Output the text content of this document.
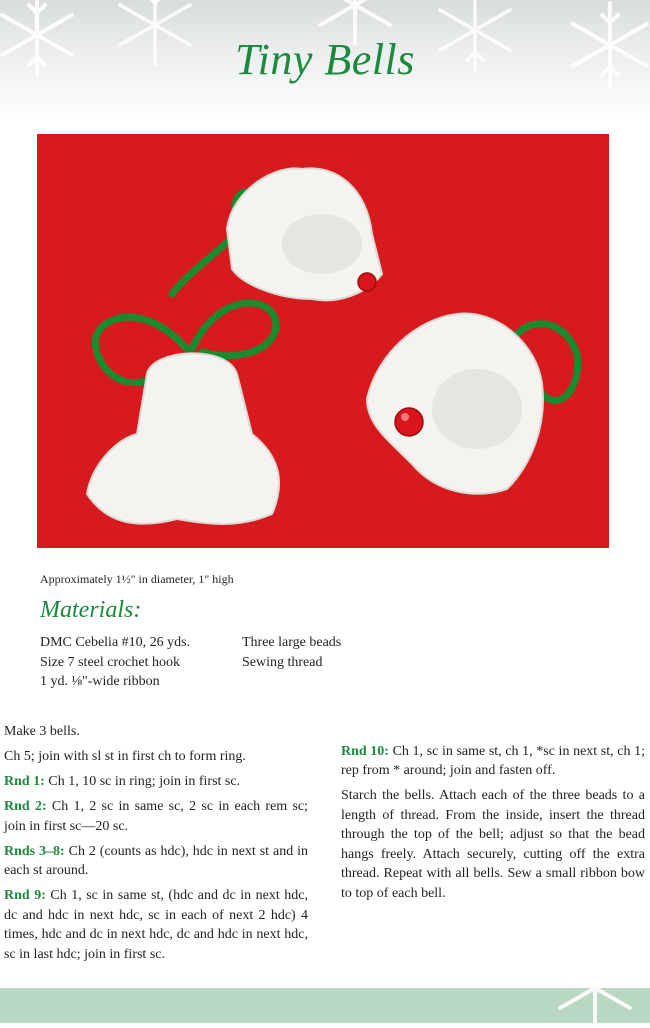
Tiny Bells
Approximately 1½" in diameter, 1" high
Materials:
DMC Cebelia #10, 26 yds.
Size 7 steel crochet hook
1 yd. ⅛"-wide ribbon
Three large beads
Sewing thread

Make 3 bells.

Ch 5; join with sl st in first ch to form ring.

Rnd 1: Ch 1, 10 sc in ring; join in first sc.

Rnd 2: Ch 1, 2 sc in same sc, 2 sc in each rem sc; join in first sc—20 sc.

Rnds 3–8: Ch 2 (counts as hdc), hdc in next st and in each st around.

Rnd 9: Ch 1, sc in same st, (hdc and dc in next hdc, dc and hdc in next hdc, sc in each of next 2 hdc) 4 times, hdc and dc in next hdc, dc and hdc in next hdc, sc in last hdc; join in first sc.

Rnd 10: Ch 1, sc in same st, ch 1, *sc in next st, ch 1; rep from * around; join and fasten off.

Starch the bells. Attach each of the three beads to a length of thread. From the inside, insert the thread through the top of the bell; adjust so that the bead hangs freely. Attach securely, cutting off the extra thread. Repeat with all bells. Sew a small ribbon bow to top of each bell.
